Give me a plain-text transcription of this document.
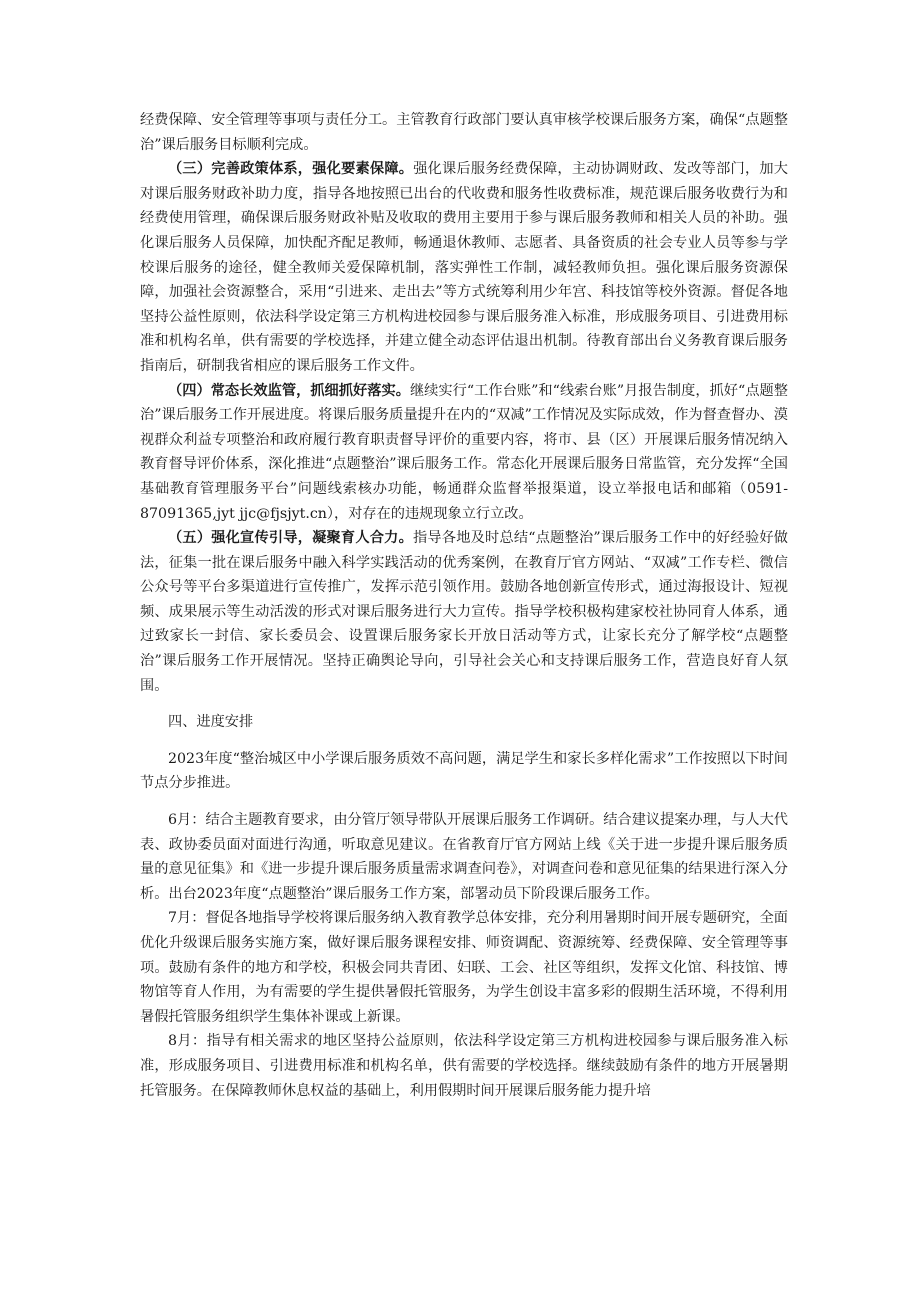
经费保障、安全管理等事项与责任分工。主管教育行政部门要认真审核学校课后服务方案，确保“点题整治”课后服务目标顺利完成。

（三）完善政策体系，强化要素保障。强化课后服务经费保障，主动协调财政、发改等部门，加大对课后服务财政补助力度，指导各地按照已出台的代收费和服务性收费标准，规范课后服务收费行为和经费使用管理，确保课后服务财政补贴及收取的费用主要用于参与课后服务教师和相关人员的补助。强化课后服务人员保障，加快配齐配足教师，畅通退休教师、志愿者、具备资质的社会专业人员等参与学校课后服务的途径，健全教师关爱保障机制，落实弹性工作制，减轻教师负担。强化课后服务资源保障，加强社会资源整合，采用“引进来、走出去”等方式统筹利用少年宫、科技馆等校外资源。督促各地坚持公益性原则，依法科学设定第三方机构进校园参与课后服务准入标准，形成服务项目、引进费用标准和机构名单，供有需要的学校选择，并建立健全动态评估退出机制。待教育部出台义务教育课后服务指南后，研制我省相应的课后服务工作文件。

（四）常态长效监管，抓细抓好落实。继续实行“工作台账”和“线索台账”月报告制度，抓好“点题整治”课后服务工作开展进度。将课后服务质量提升在内的“双减”工作情况及实际成效，作为督查督办、漠视群众利益专项整治和政府履行教育职责督导评价的重要内容，将市、县（区）开展课后服务情况纳入教育督导评价体系，深化推进“点题整治”课后服务工作。常态化开展课后服务日常监管，充分发挥“全国基础教育管理服务平台”问题线索核办功能，畅通群众监督举报渠道，设立举报电话和邮箱（0591-87091365,jyt jjc@fjsjyt.cn），对存在的违规现象立行立改。

（五）强化宣传引导，凝聚育人合力。指导各地及时总结“点题整治”课后服务工作中的好经验好做法，征集一批在课后服务中融入科学实践活动的优秀案例，在教育厅官方网站、“双减”工作专栏、微信公众号等平台多渠道进行宣传推广，发挥示范引领作用。鼓励各地创新宣传形式，通过海报设计、短视频、成果展示等生动活泼的形式对课后服务进行大力宣传。指导学校积极构建家校社协同育人体系，通过致家长一封信、家长委员会、设置课后服务家长开放日活动等方式，让家长充分了解学校“点题整治”课后服务工作开展情况。坚持正确舆论导向，引导社会关心和支持课后服务工作，营造良好育人氛围。

四、进度安排

2023年度“整治城区中小学课后服务质效不高问题，满足学生和家长多样化需求”工作按照以下时间节点分步推进。

6月：结合主题教育要求，由分管厅领导带队开展课后服务工作调研。结合建议提案办理，与人大代表、政协委员面对面进行沟通，听取意见建议。在省教育厅官方网站上线《关于进一步提升课后服务质量的意见征集》和《进一步提升课后服务质量需求调查问卷》，对调查问卷和意见征集的结果进行深入分析。出台2023年度“点题整治”课后服务工作方案，部署动员下阶段课后服务工作。

7月：督促各地指导学校将课后服务纳入教育教学总体安排，充分利用暑期时间开展专题研究，全面优化升级课后服务实施方案，做好课后服务课程安排、师资调配、资源统筹、经费保障、安全管理等事项。鼓励有条件的地方和学校，积极会同共青团、妇联、工会、社区等组织，发挥文化馆、科技馆、博物馆等育人作用，为有需要的学生提供暑假托管服务，为学生创设丰富多彩的假期生活环境，不得利用暑假托管服务组织学生集体补课或上新课。

8月：指导有相关需求的地区坚持公益原则，依法科学设定第三方机构进校园参与课后服务准入标准，形成服务项目、引进费用标准和机构名单，供有需要的学校选择。继续鼓励有条件的地方开展暑期托管服务。在保障教师休息权益的基础上，利用假期时间开展课后服务能力提升培
